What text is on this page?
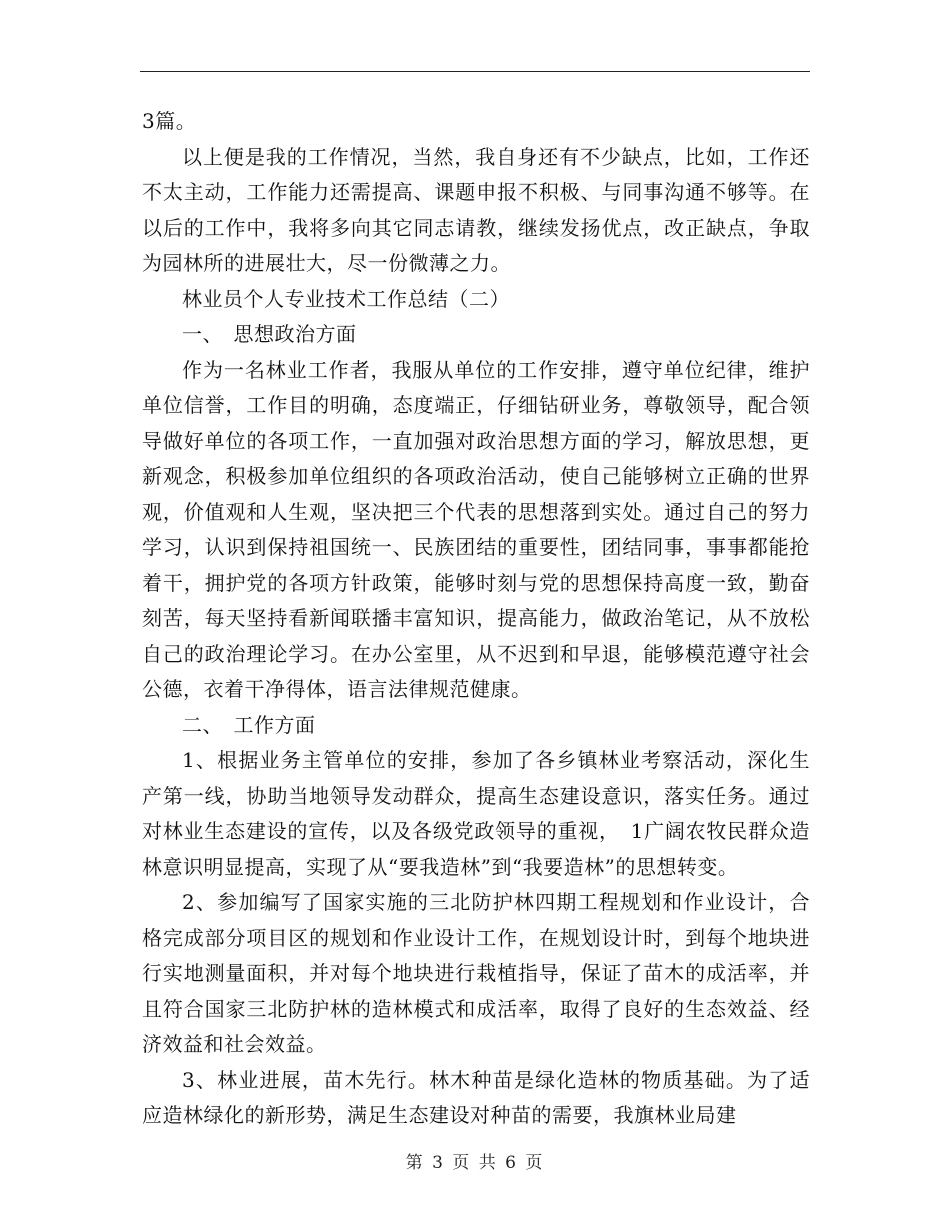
3篇。

以上便是我的工作情况，当然，我自身还有不少缺点，比如，工作还不太主动，工作能力还需提高、课题申报不积极、与同事沟通不够等。在以后的工作中，我将多向其它同志请教，继续发扬优点，改正缺点，争取为园林所的进展壮大，尽一份微薄之力。

林业员个人专业技术工作总结（二）

一、　思想政治方面

作为一名林业工作者，我服从单位的工作安排，遵守单位纪律，维护单位信誉，工作目的明确，态度端正，仔细钻研业务，尊敬领导，配合领导做好单位的各项工作，一直加强对政治思想方面的学习，解放思想，更新观念，积极参加单位组织的各项政治活动，使自己能够树立正确的世界观，价值观和人生观，坚决把三个代表的思想落到实处。通过自己的努力学习，认识到保持祖国统一、民族团结的重要性，团结同事，事事都能抢着干，拥护党的各项方针政策，能够时刻与党的思想保持高度一致，勤奋刻苦，每天坚持看新闻联播丰富知识，提高能力，做政治笔记，从不放松自己的政治理论学习。在办公室里，从不迟到和早退，能够模范遵守社会公德，衣着干净得体，语言法律规范健康。

二、　工作方面

1、根据业务主管单位的安排，参加了各乡镇林业考察活动，深化生产第一线，协助当地领导发动群众，提高生态建设意识，落实任务。通过对林业生态建设的宣传，以及各级党政领导的重视，　1广阔农牧民群众造林意识明显提高，实现了从“要我造林”到“我要造林”的思想转变。

2、参加编写了国家实施的三北防护林四期工程规划和作业设计，合格完成部分项目区的规划和作业设计工作，在规划设计时，到每个地块进行实地测量面积，并对每个地块进行栽植指导，保证了苗木的成活率，并且符合国家三北防护林的造林模式和成活率，取得了良好的生态效益、经济效益和社会效益。

3、林业进展，苗木先行。林木种苗是绿化造林的物质基础。为了适应造林绿化的新形势，满足生态建设对种苗的需要，我旗林业局建

第 3 页 共 6 页
